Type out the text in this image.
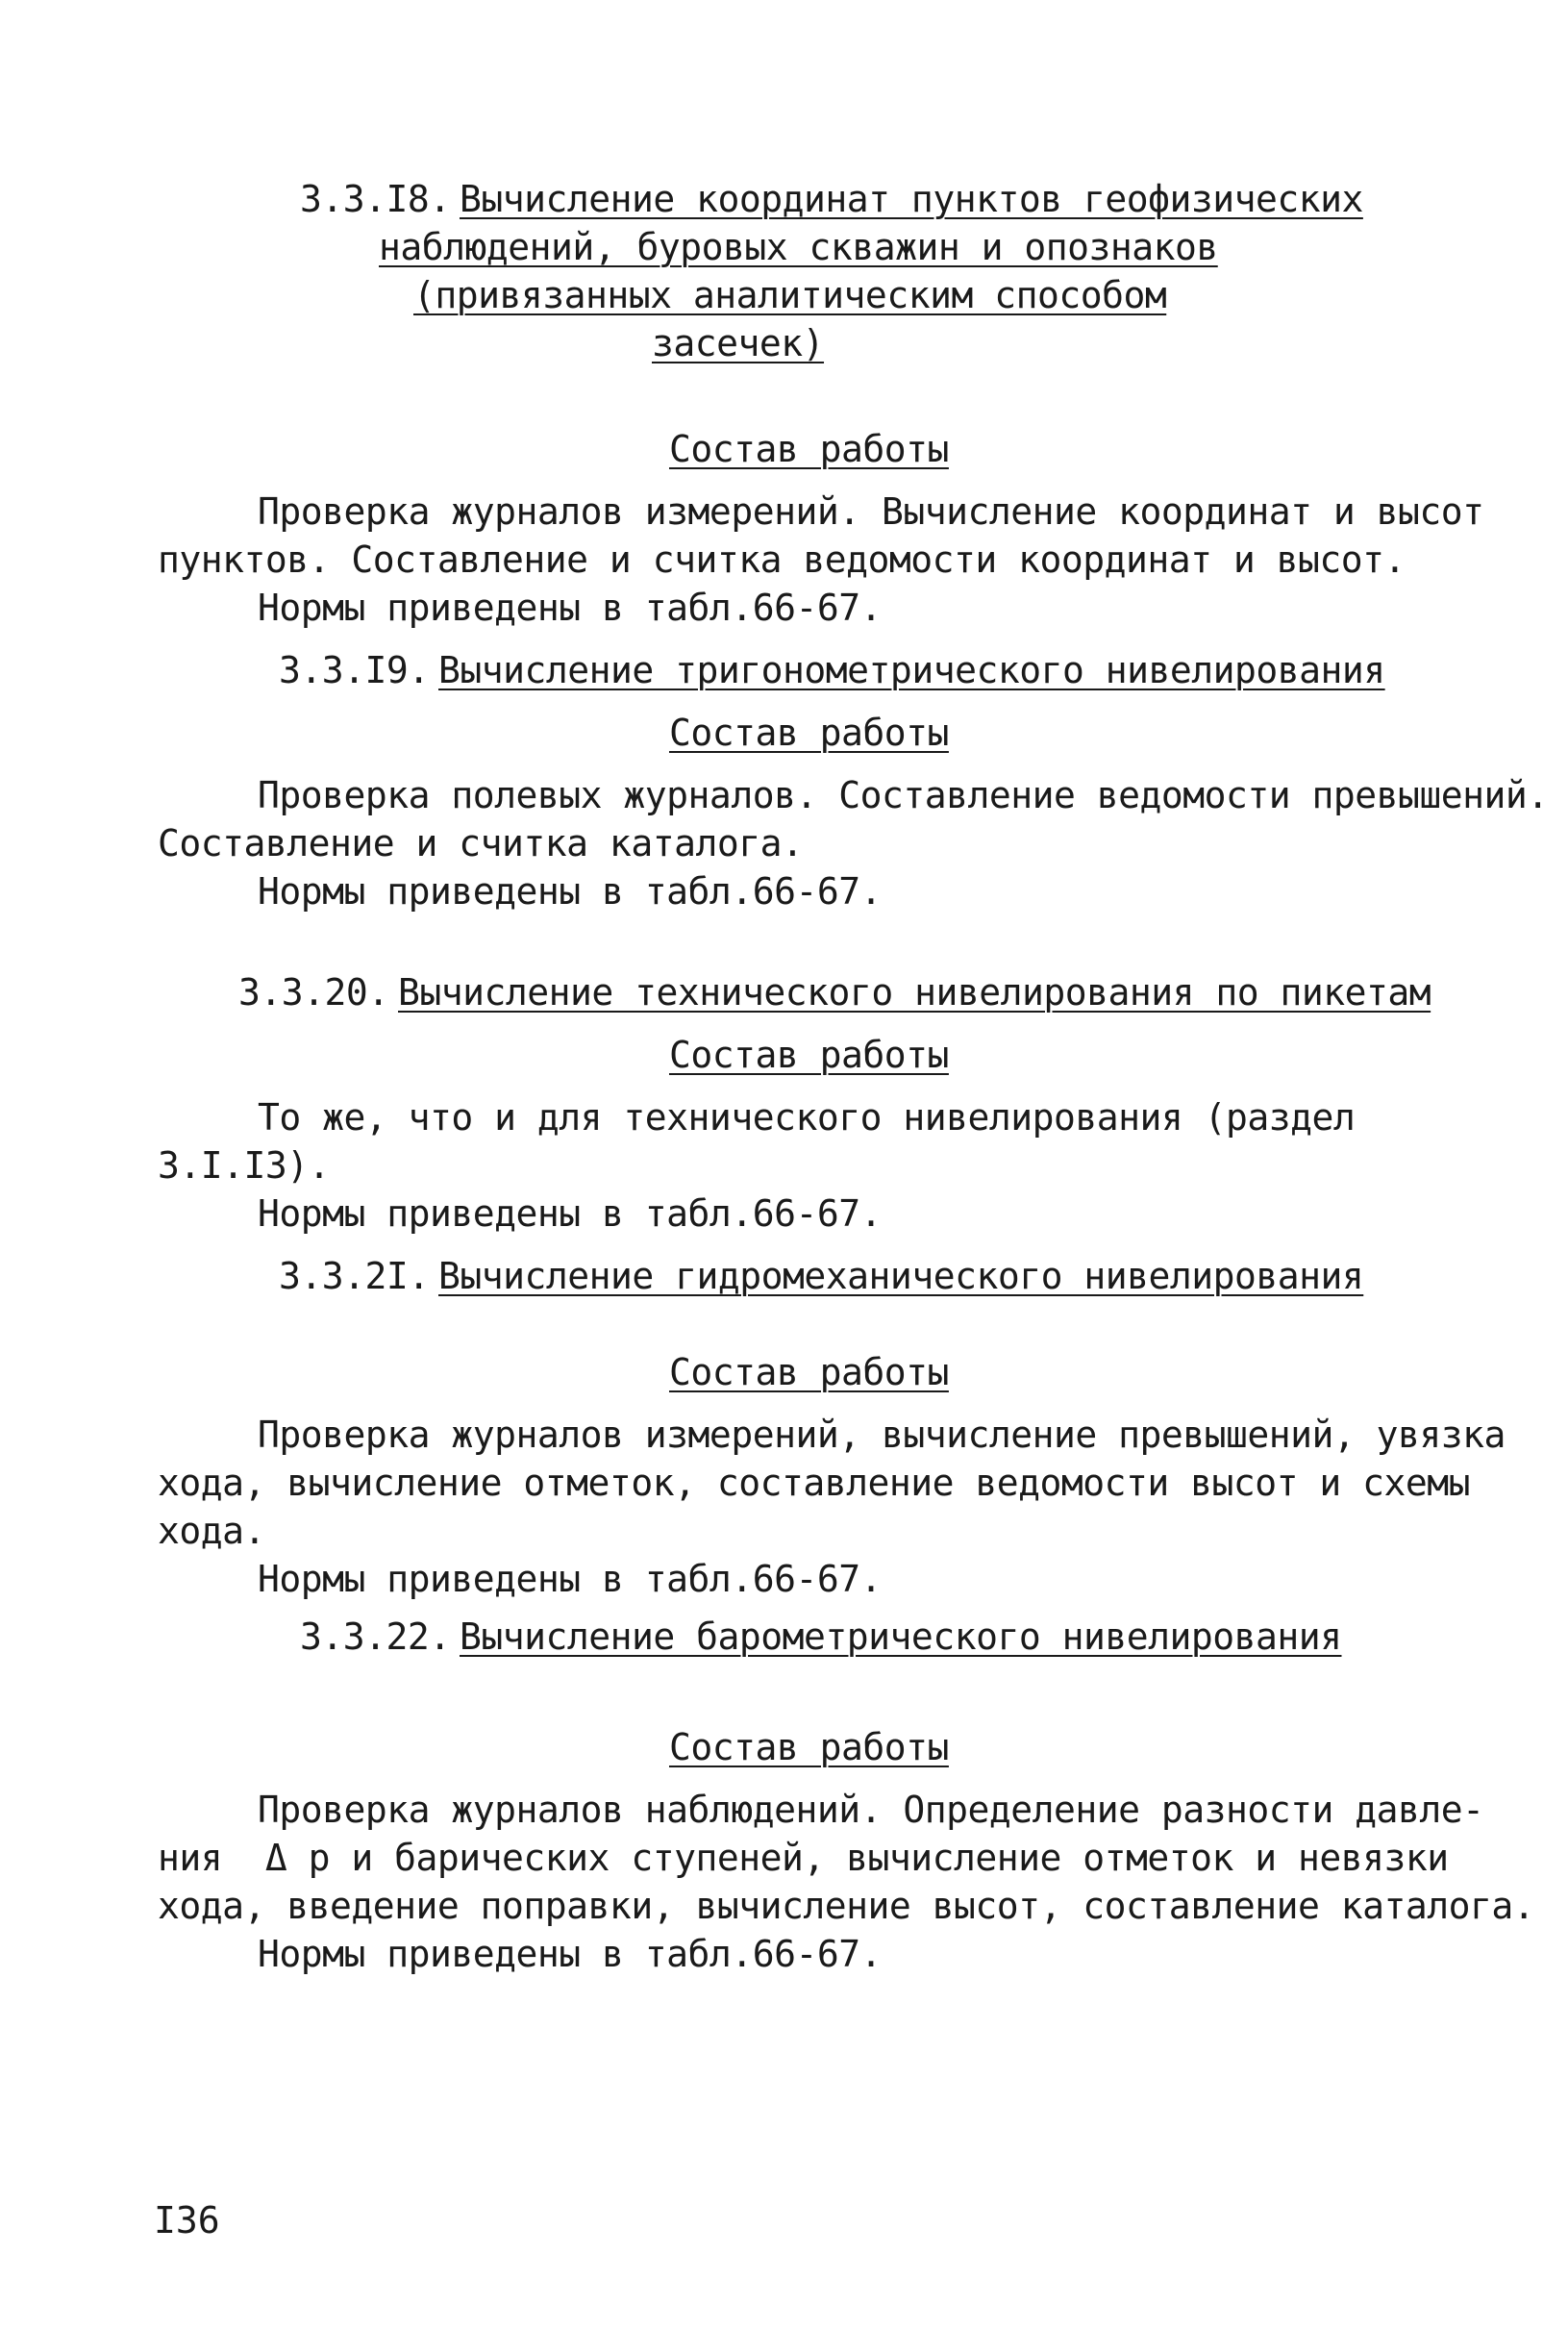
3.3.I8. Вычисление координат пунктов геофизических
наблюдений, буровых скважин и опознаков
(привязанных аналитическим способом
засечек)
Состав работы
Проверка журналов измерений. Вычисление координат и высот
пунктов. Составление и считка ведомости координат и высот.
Нормы приведены в табл.66-67.
3.3.I9. Вычисление тригонометрического нивелирования
Состав работы
Проверка полевых журналов. Составление ведомости превышений.
Составление и считка каталога.
Нормы приведены в табл.66-67.
3.3.20. Вычисление технического нивелирования по пикетам
Состав работы
То же, что и для технического нивелирования (раздел
3.I.I3).
Нормы приведены в табл.66-67.
3.3.2I. Вычисление гидромеханического нивелирования
Состав работы
Проверка журналов измерений, вычисление превышений, увязка
хода, вычисление отметок, составление ведомости высот и схемы
хода.
Нормы приведены в табл.66-67.
3.3.22. Вычисление барометрического нивелирования
Состав работы
Проверка журналов наблюдений. Определение разности давле-
ния  Δ p и барических ступеней, вычисление отметок и невязки
хода, введение поправки, вычисление высот, составление каталога.
Нормы приведены в табл.66-67.
I36
